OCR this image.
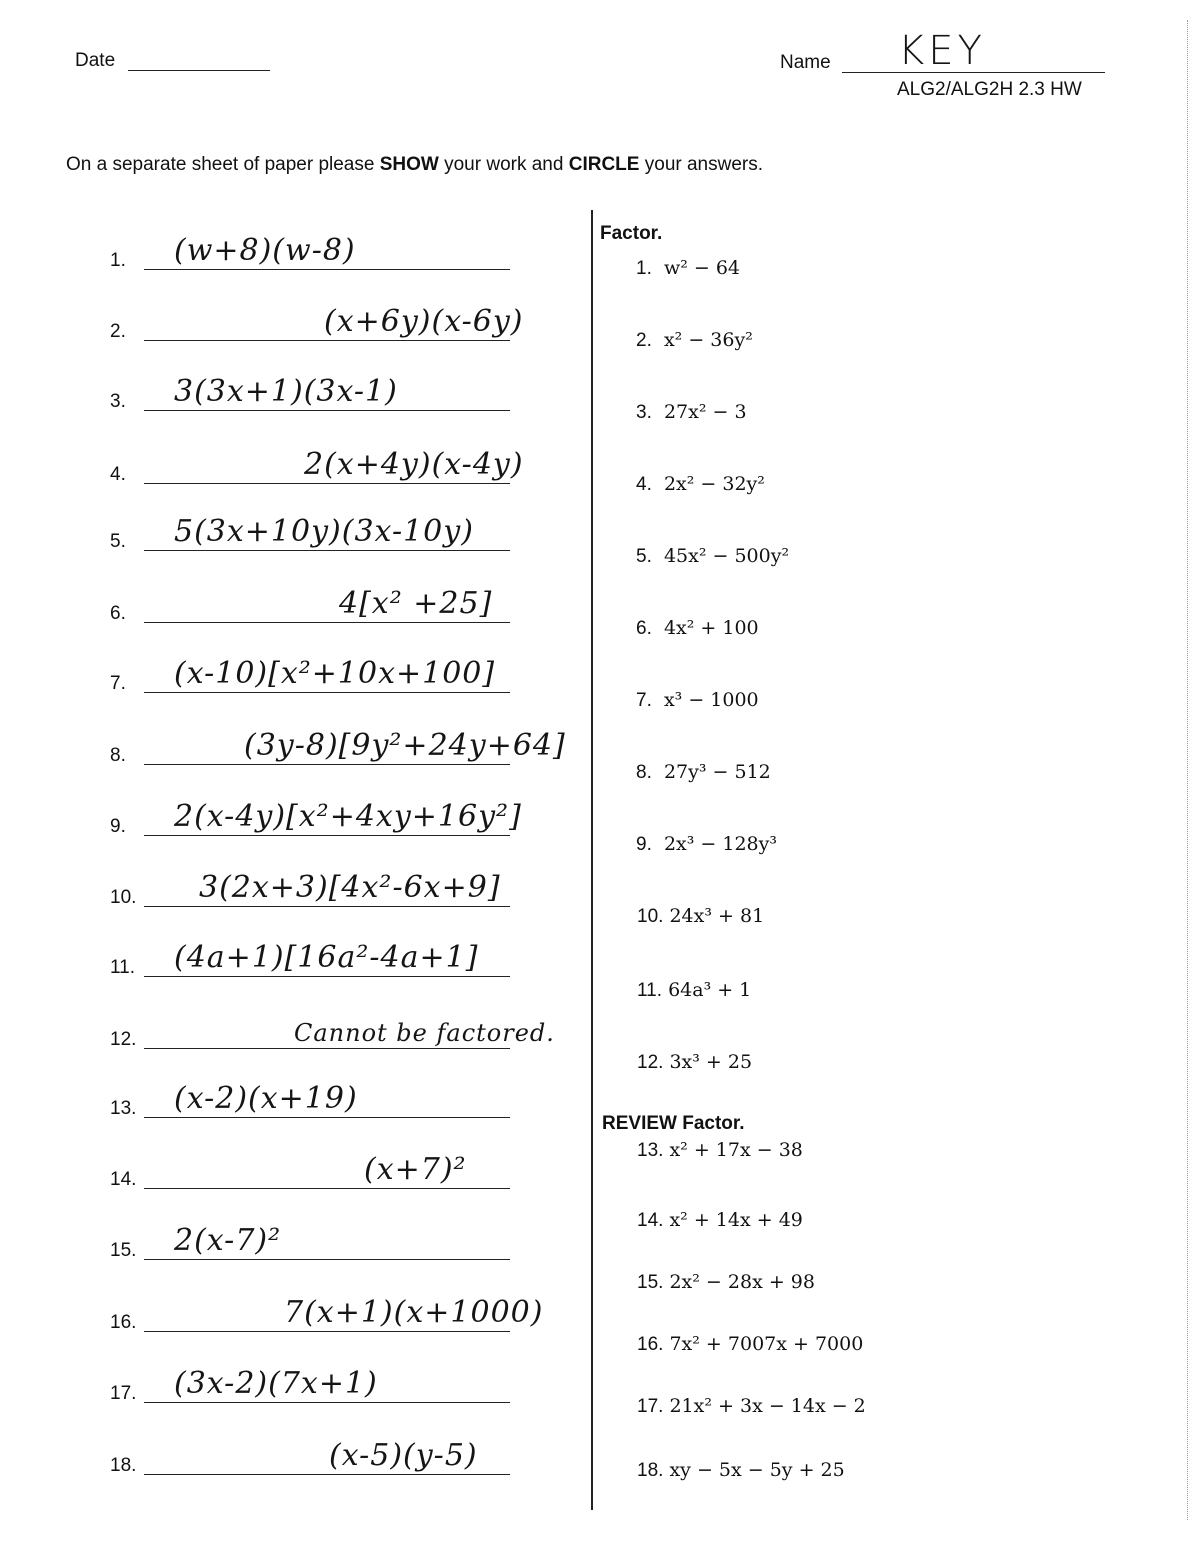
Date	Name KEY
ALG2/ALG2H 2.3 HW
On a separate sheet of paper please SHOW your work and CIRCLE your answers.
1. (w+8)(w-8)
2.	(x+6y)(x-6y)
3. 3(3x+1)(3x-1)
4.	2(x+4y)(x-4y)
5. 5(3x+10y)(3x-10y)
6.	4[x² +25]
7. (x-10)[x²+10x+100]
8.	(3y-8)[9y²+24y+64]
9. 2(x-4y)[x²+4xy+16y²]
10. 3(2x+3)[4x²-6x+9]
11. (4a+1)[16a²-4a+1]
12.	Cannot be factored.
13. (x-2)(x+19)
14.	(x+7)²
15. 2(x-7)²
16.	7(x+1)(x+1000)
17. (3x-2)(7x+1)
18.	(x-5)(y-5)
Factor.
REVIEW Factor.
1. w² − 64
2. x² − 36y²
3. 27x² − 3
4. 2x² − 32y²
5. 45x² − 500y²
6. 4x² + 100
7. x³ − 1000
8. 27y³ − 512
9. 2x³ − 128y³
10. 24x³ + 81
11. 64a³ + 1
12. 3x³ + 25
13. x² + 17x − 38
14. x² + 14x + 49
15. 2x² − 28x + 98
16. 7x² + 7007x + 7000
17. 21x² + 3x − 14x − 2
18. xy − 5x − 5y + 25
